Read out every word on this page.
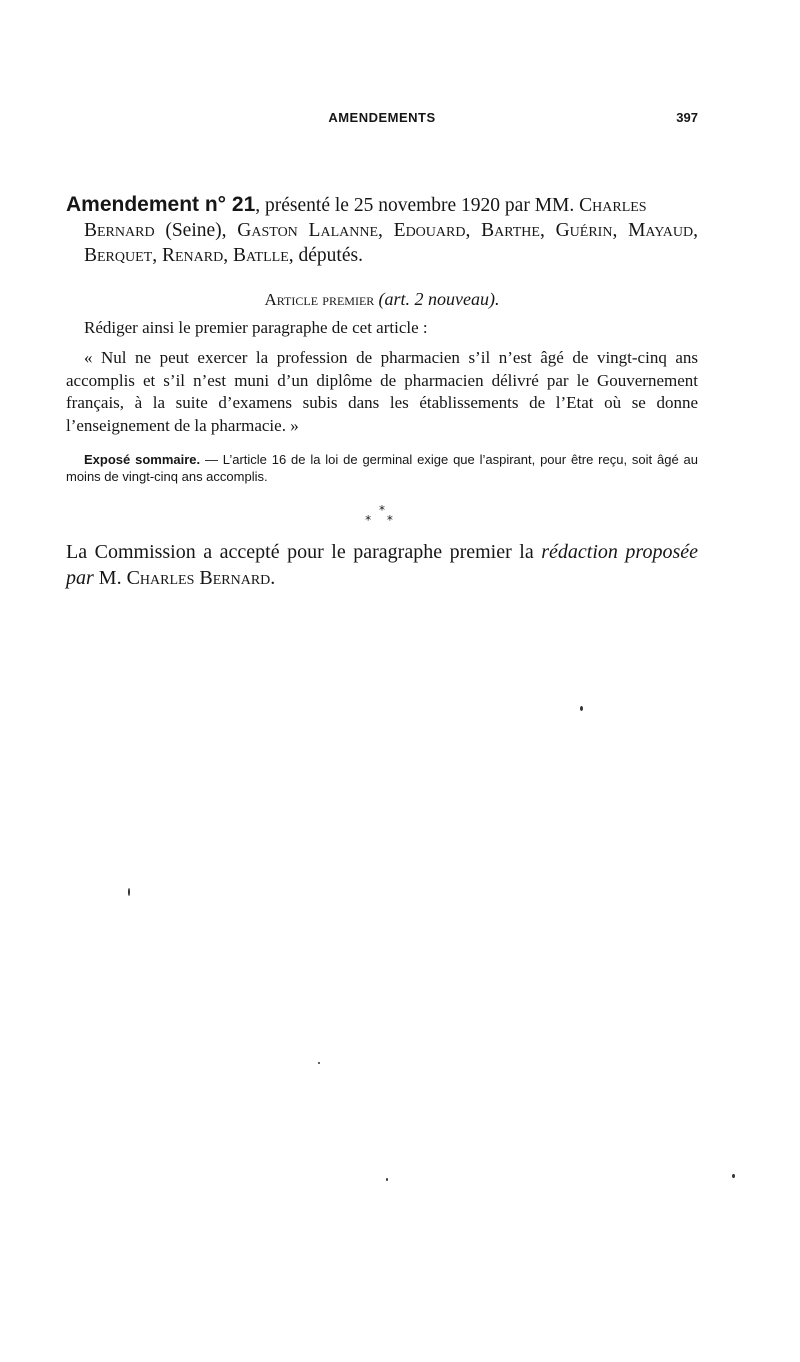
AMENDEMENTS	397

Amendement n° 21, présenté le 25 novembre 1920 par MM. Charles
Bernard (Seine), Gaston Lalanne, Edouard, Barthe, Guérin, Mayaud, Berquet, Renard, Batlle, députés.

Article premier (art. 2 nouveau).

Rédiger ainsi le premier paragraphe de cet article :

« Nul ne peut exercer la profession de pharmacien s’il n’est âgé de vingt-cinq ans accomplis et s’il n’est muni d’un diplôme de pharmacien délivré par le Gouvernement français, à la suite d’examens subis dans les établissements de l’Etat où se donne l’enseignement de la pharmacie. »

Exposé sommaire. — L’article 16 de la loi de germinal exige que l’aspirant, pour être reçu, soit âgé au moins de vingt-cinq ans accomplis.

*
* *

La Commission a accepté pour le paragraphe premier la rédaction proposée par M. Charles Bernard.
